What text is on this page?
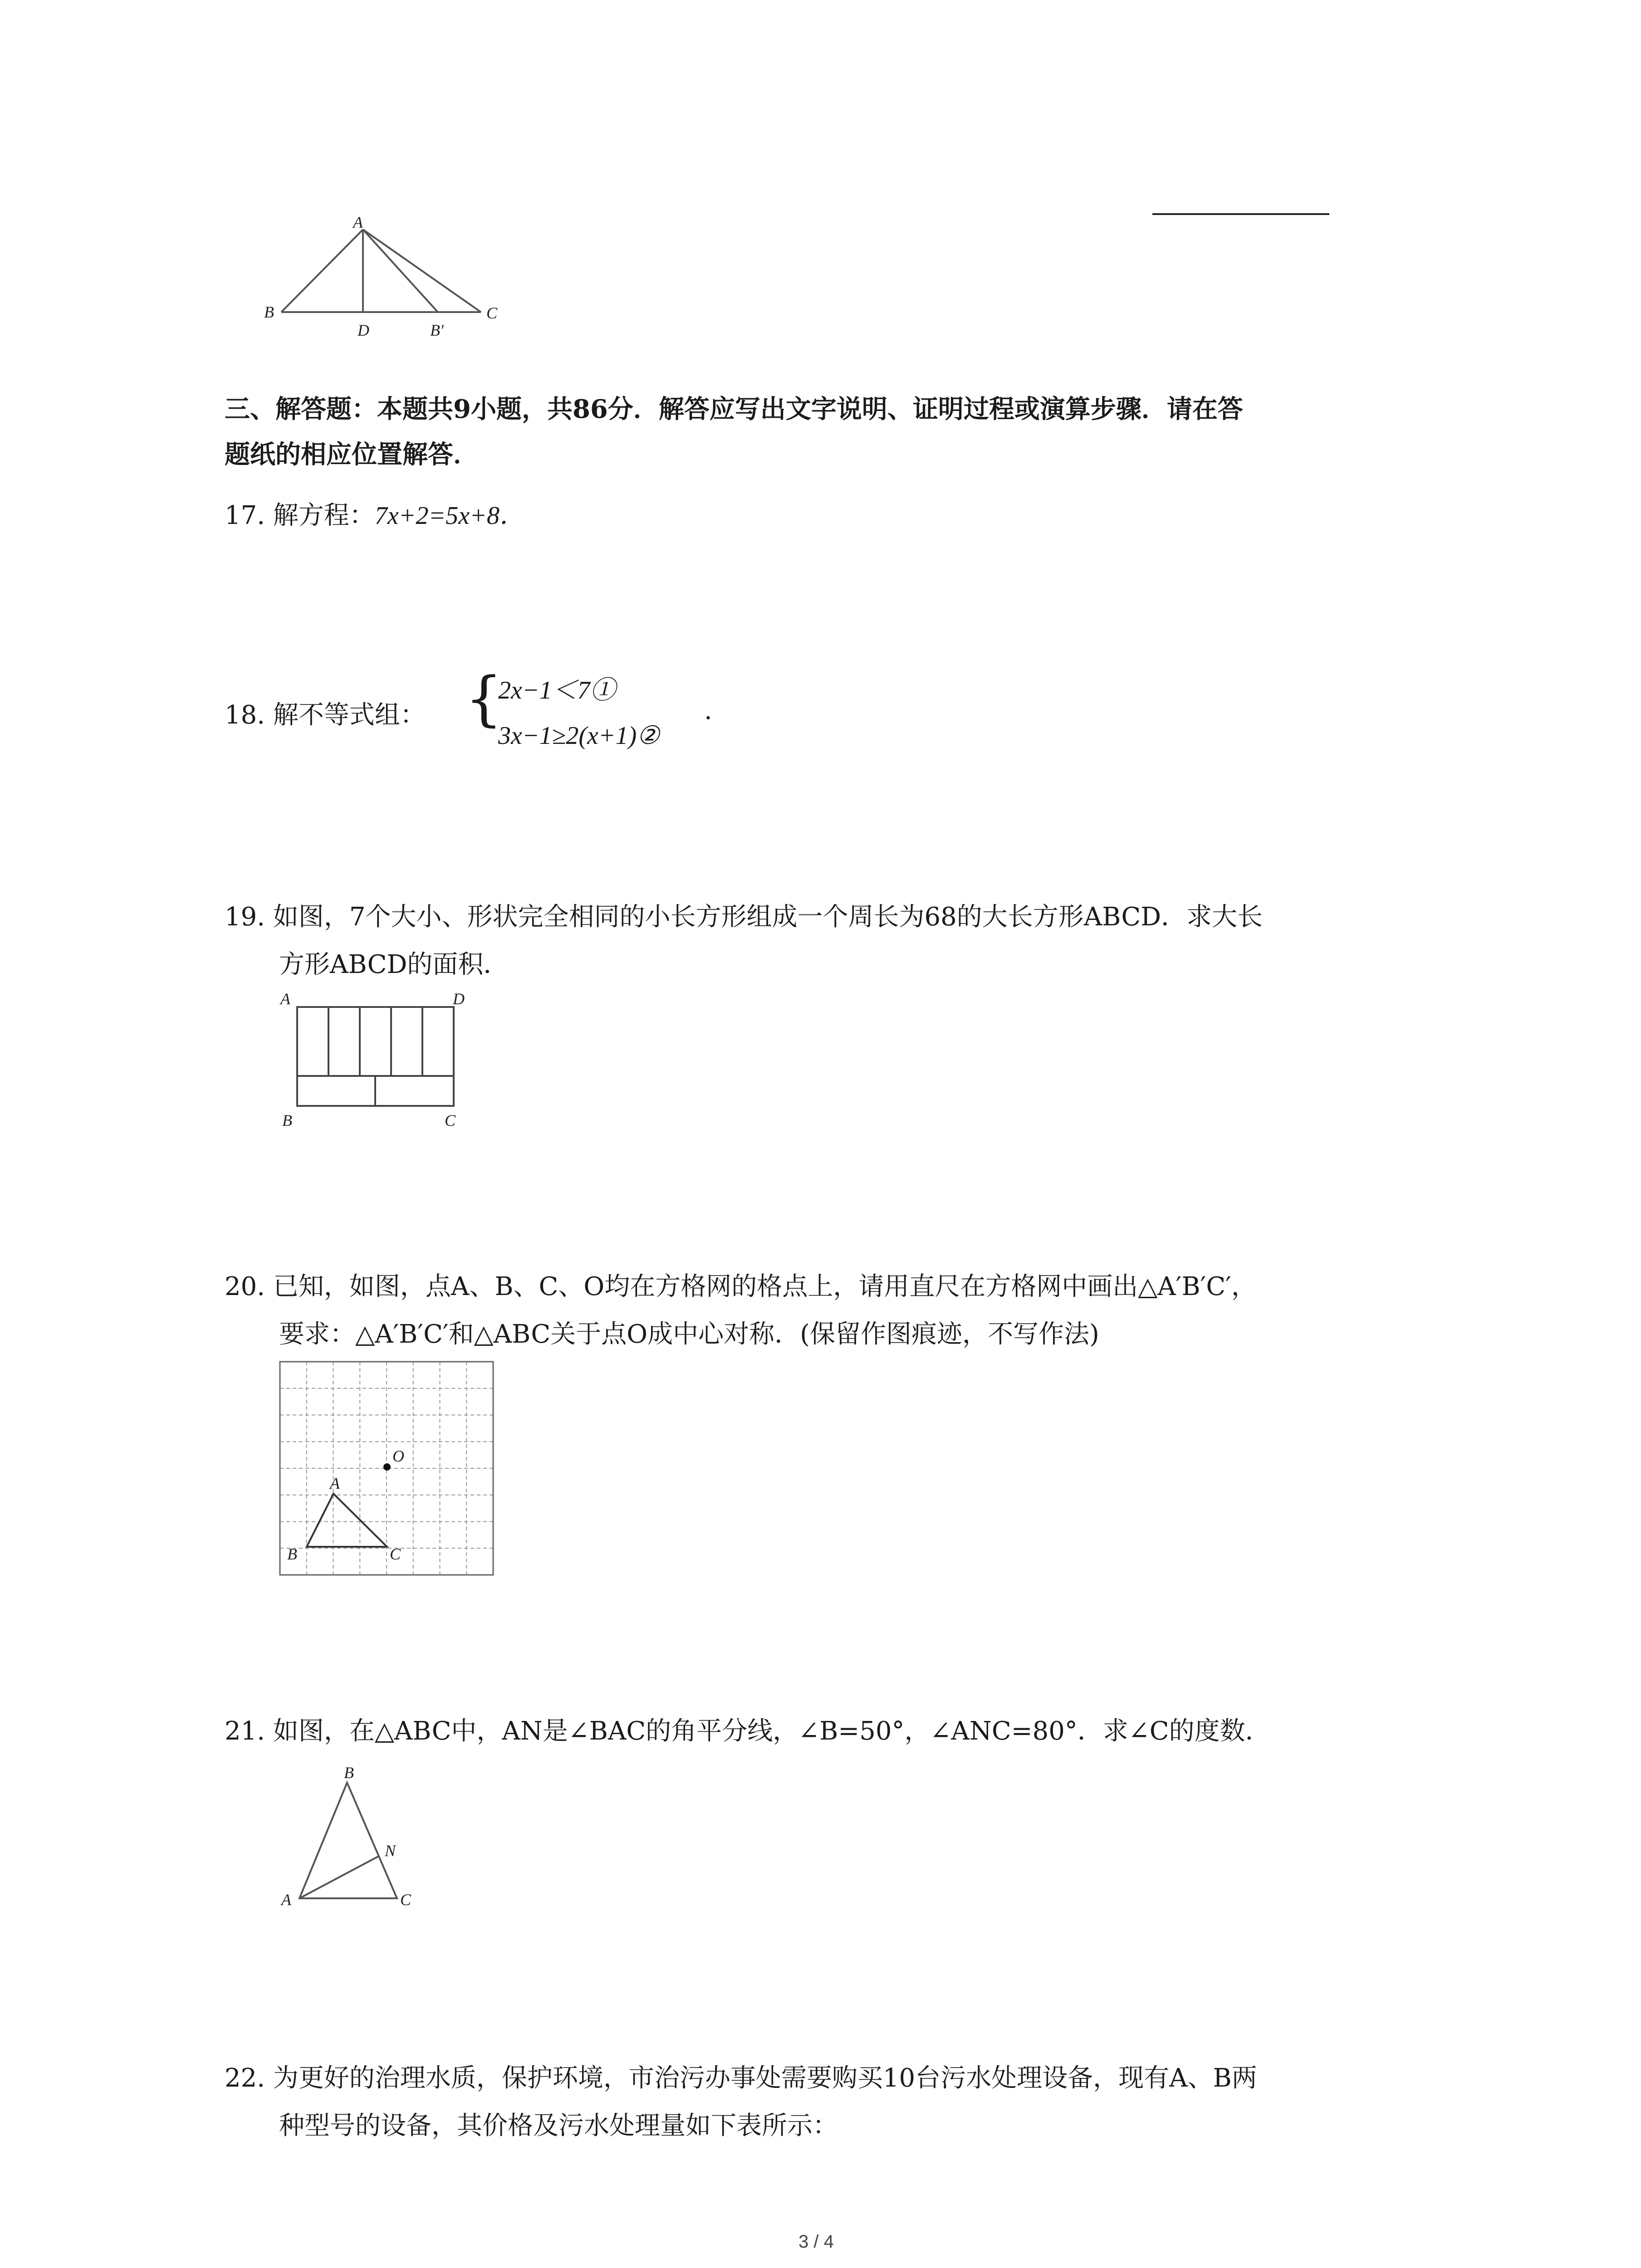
A
B
D	B′
C
三、解答题：本题共9小题，共86分．解答应写出文字说明、证明过程或演算步骤．请在答
题纸的相应位置解答．
17. 解方程：7x+2=5x+8．
18. 解不等式组： {
2x−1＜7①
3x−1≥2(x+1)②
.
19. 如图，7个大小、形状完全相同的小长方形组成一个周长为68的大长方形ABCD．求大长
方形ABCD的面积．
A	D
B	C
20. 已知，如图，点A、B、C、O均在方格网的格点上，请用直尺在方格网中画出△A′B′C′，
要求：△A′B′C′和△ABC关于点O成中心对称．(保留作图痕迹，不写作法)
A
B	C
O
21. 如图，在△ABC中，AN是∠BAC的角平分线，∠B=50°，∠ANC=80°．求∠C的度数．
B
N
A	C
22. 为更好的治理水质，保护环境，市治污办事处需要购买10台污水处理设备，现有A、B两
种型号的设备，其价格及污水处理量如下表所示：
3 / 4
